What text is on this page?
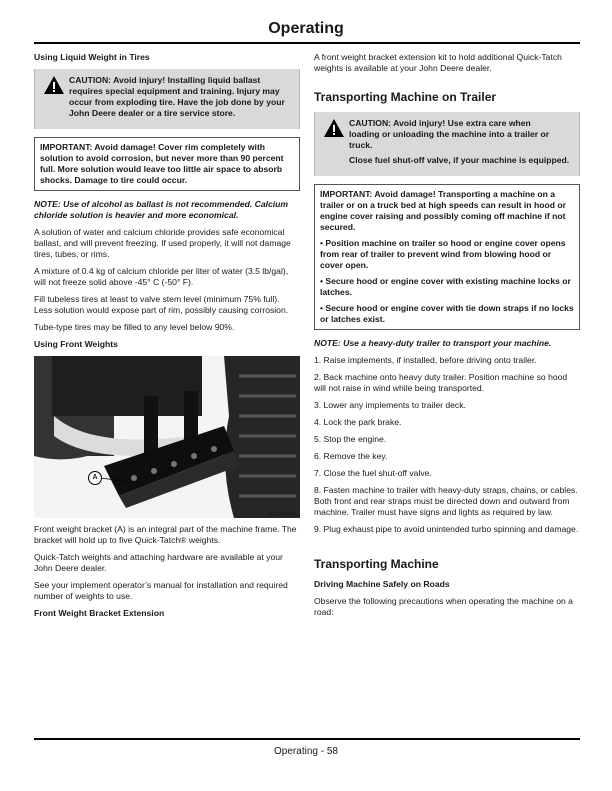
Operating
Using Liquid Weight in Tires

CAUTION: Avoid injury! Installing liquid ballast

requires special equipment and training. Injury may occur from exploding tire. Have the job done by your John Deere dealer or a tire service store.

IMPORTANT: Avoid damage! Cover rim completely with solution to avoid corrosion, but never more than 90 percent full. More solution would leave too little air space to absorb shocks. Damage to tire could occur.

NOTE: Use of alcohol as ballast is not recommended. Calcium chloride solution is heavier and more economical.

A solution of water and calcium chloride provides safe economical ballast, and will prevent freezing. If used properly, it will not damage tires, tubes, or rims.

A mixture of 0.4 kg of calcium chloride per liter of water (3.5 lb/gal), will not freeze solid above -45° C (-50° F).

Fill tubeless tires at least to valve stem level (minimum 75% full). Less solution would expose part of rim, possibly causing corrosion.

Tube-type tires may be filled to any level below 90%.

Using Front Weights
A
MX20594

Front weight bracket (A) is an integral part of the machine frame. The bracket will hold up to five Quick-Tatch® weights.

Quick-Tatch weights and attaching hardware are available at your John Deere dealer.

See your implement operator’s manual for installation and required number of weights to use.

Front Weight Bracket Extension

A front weight bracket extension kit to hold additional Quick-Tatch weights is available at your John Deere dealer.

Transporting Machine on Trailer

CAUTION: Avoid injury! Use extra care when

loading or unloading the machine into a trailer or truck.

Close fuel shut-off valve, if your machine is equipped.

IMPORTANT: Avoid damage! Transporting a machine on a trailer or on a truck bed at high speeds can result in hood or engine cover raising and possibly coming off machine if not secured.

• Position machine on trailer so hood or engine cover opens from rear of trailer to prevent wind from blowing hood or cover open.

• Secure hood or engine cover with existing machine locks or latches.

• Secure hood or engine cover with tie down straps if no locks or latches exist.

NOTE: Use a heavy-duty trailer to transport your machine.

1. Raise implements, if installed, before driving onto trailer.

2. Back machine onto heavy duty trailer. Position machine so hood will not raise in wind while being transported.

3. Lower any implements to trailer deck.

4. Lock the park brake.

5. Stop the engine.

6. Remove the key.

7. Close the fuel shut-off valve.

8. Fasten machine to trailer with heavy-duty straps, chains, or cables. Both front and rear straps must be directed down and outward from machine. Trailer must have signs and lights as required by law.

9. Plug exhaust pipe to avoid unintended turbo spinning and damage.

Transporting Machine
Driving Machine Safely on Roads

Observe the following precautions when operating the machine on a road:

Operating - 58
